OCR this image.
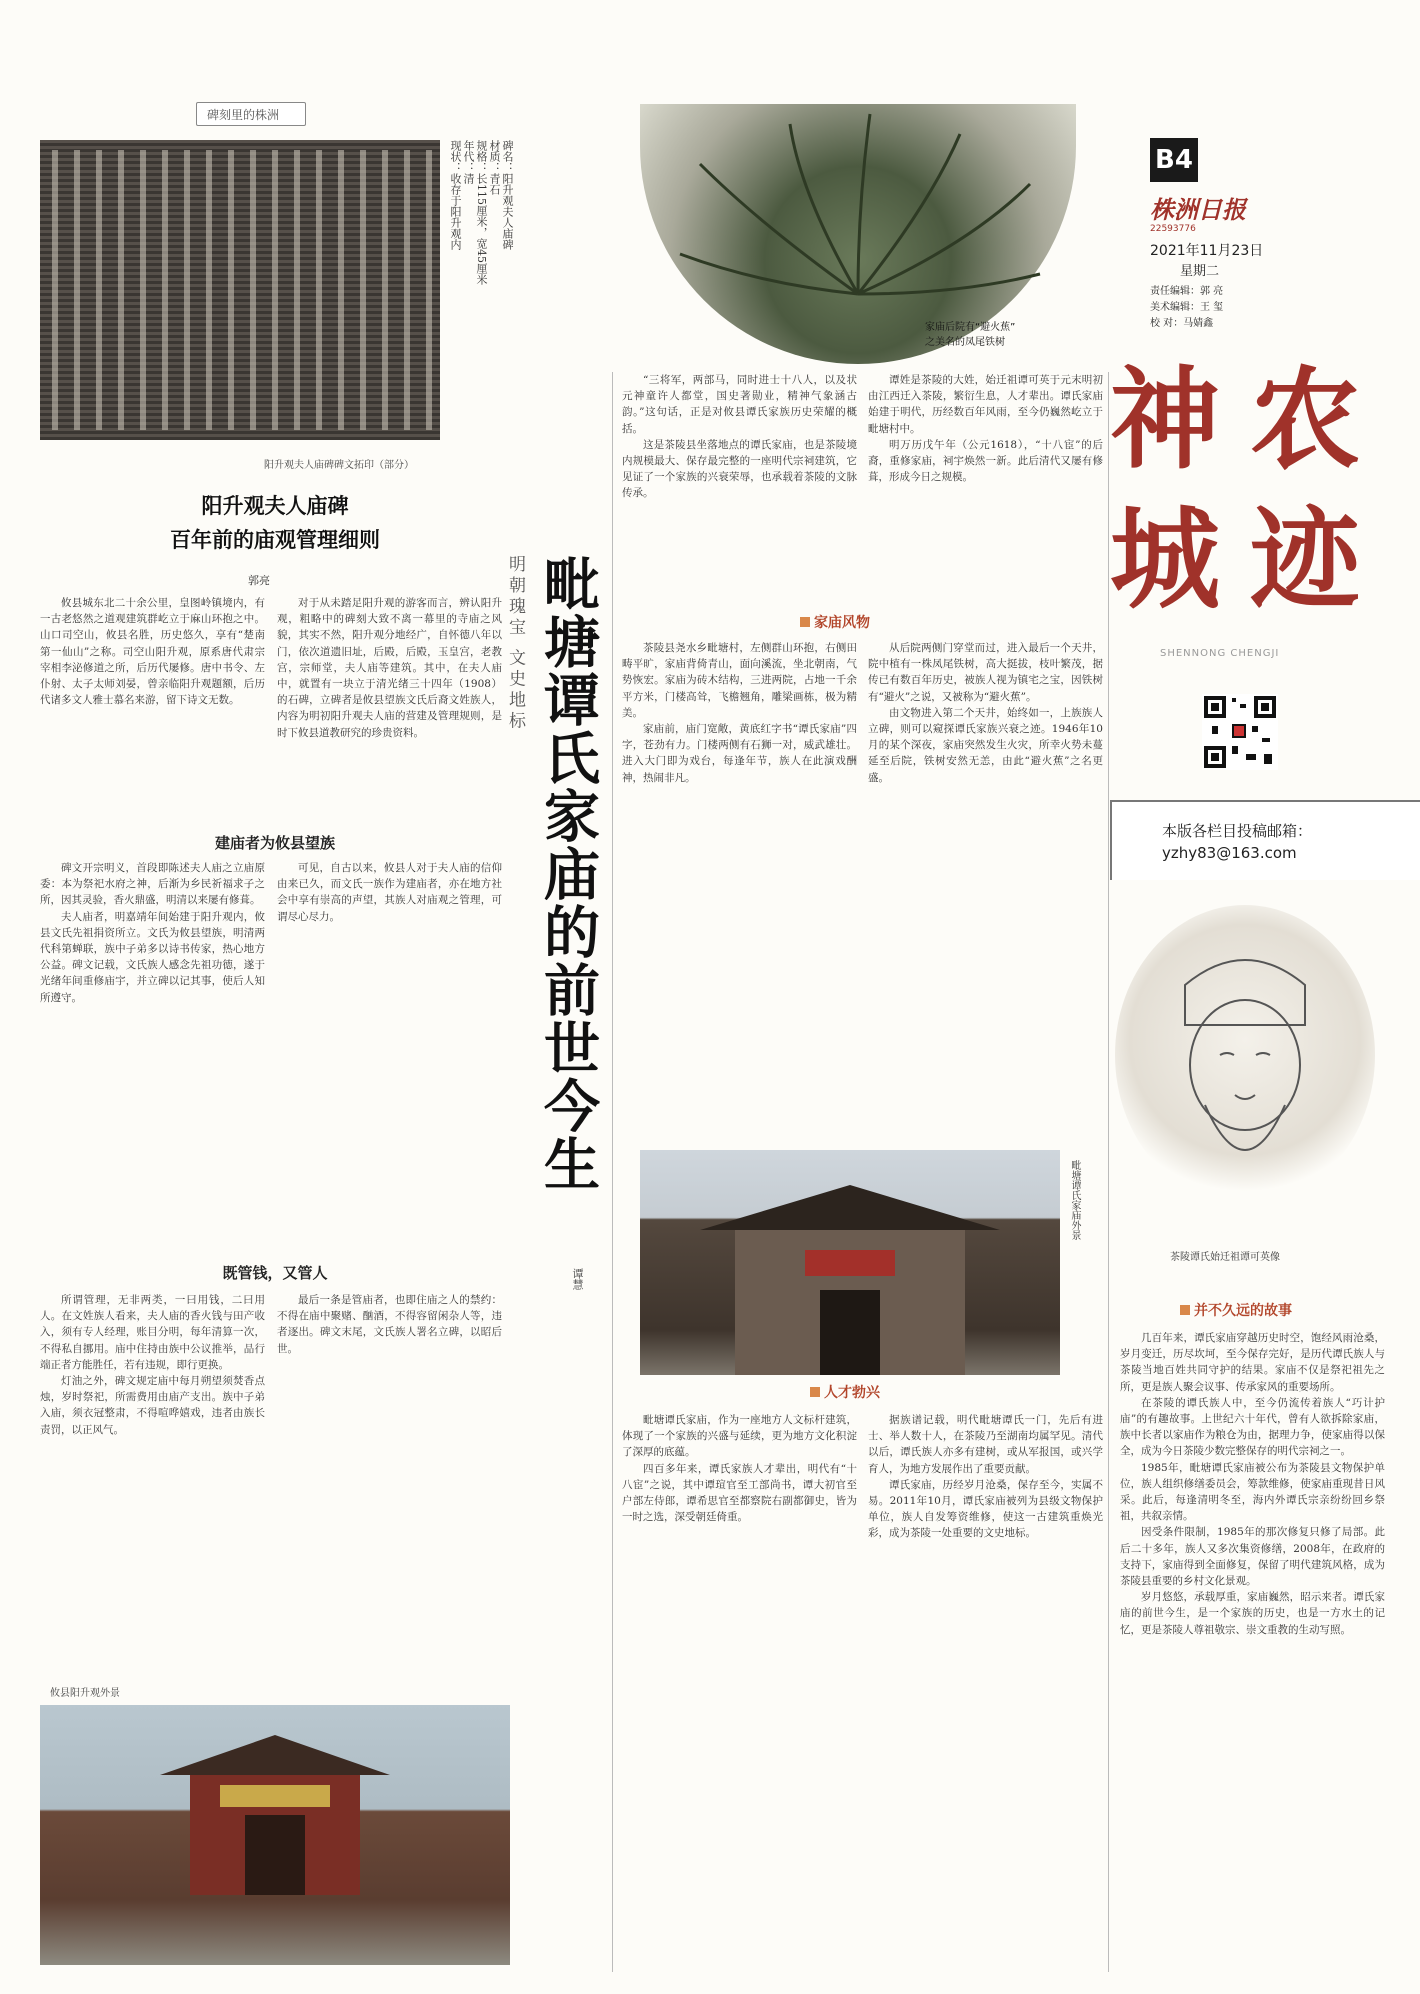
碑刻里的株洲
碑名：阳升观夫人庙碑
材质：青石
规格：长115厘米，宽45厘米
年代：清
现状：收存于阳升观内
阳升观夫人庙碑碑文拓印（部分）
阳升观夫人庙碑
百年前的庙观管理细则
郭亮

攸县城东北二十余公里，皇图岭镇境内，有一古老悠然之道观建筑群屹立于麻山环抱之中。山口司空山，攸县名胜，历史悠久，享有“楚南第一仙山”之称。司空山阳升观，原系唐代肃宗宰相李泌修道之所，后历代屡修。唐中书令、左仆射、太子太师刘晏，曾亲临阳升观题额，后历代诸多文人雅士慕名来游，留下诗文无数。

对于从未踏足阳升观的游客而言，辨认阳升观，粗略中的碑刻大致不离一幕里的寺庙之风貌，其实不然，阳升观分地经广，自怀德八年以门，依次道遗旧址，后殿，后殿，玉皇宫，老教宫，宗师堂，夫人庙等建筑。其中，在夫人庙中，就置有一块立于清光绪三十四年（1908）的石碑，立碑者是攸县望族文氏后裔文姓族人，内容为明初阳升观夫人庙的营建及管理规则，是时下攸县道教研究的珍贵资料。

建庙者为攸县望族

碑文开宗明义，首段即陈述夫人庙之立庙原委：本为祭祀水府之神，后渐为乡民祈福求子之所，因其灵验，香火鼎盛，明清以来屡有修葺。

夫人庙者，明嘉靖年间始建于阳升观内，攸县文氏先祖捐资所立。文氏为攸县望族，明清两代科第蝉联，族中子弟多以诗书传家，热心地方公益。碑文记载，文氏族人感念先祖功德，遂于光绪年间重修庙宇，并立碑以记其事，使后人知所遵守。

可见，自古以来，攸县人对于夫人庙的信仰由来已久，而文氏一族作为建庙者，亦在地方社会中享有崇高的声望，其族人对庙观之管理，可谓尽心尽力。

既管钱，又管人

所谓管理，无非两类，一曰用钱，二曰用人。在文姓族人看来，夫人庙的香火钱与田产收入，须有专人经理，账目分明，每年清算一次，不得私自挪用。庙中住持由族中公议推举，品行端正者方能胜任，若有违规，即行更换。

灯油之外，碑文规定庙中每月朔望须焚香点烛，岁时祭祀，所需费用由庙产支出。族中子弟入庙，须衣冠整肃，不得喧哗嬉戏，违者由族长责罚，以正风气。

最后一条是管庙者，也即住庙之人的禁约：不得在庙中聚赌、酗酒，不得容留闲杂人等，违者逐出。碑文末尾，文氏族人署名立碑，以昭后世。

攸县阳升观外景
明朝瑰宝 文史地标 毗塘谭氏家庙的前世今生
谭慧
家庙后院有“避火蕉”
之美名的凤尾铁树

“三将军，两部马，同时进士十八人，以及状元神童许人都堂，国史著勋业，精神气象涵古韵。”这句话，正是对攸县谭氏家族历史荣耀的概括。

这是茶陵县坐落地点的谭氏家庙，也是茶陵境内规模最大、保存最完整的一座明代宗祠建筑，它见证了一个家族的兴衰荣辱，也承载着茶陵的文脉传承。

谭姓是茶陵的大姓，始迁祖谭可英于元末明初由江西迁入茶陵，繁衍生息，人才辈出。谭氏家庙始建于明代，历经数百年风雨，至今仍巍然屹立于毗塘村中。

明万历戊午年（公元1618），“十八宦”的后裔，重修家庙，祠宇焕然一新。此后清代又屡有修葺，形成今日之规模。

家庙风物

茶陵县尧水乡毗塘村，左侧群山环抱，右侧田畴平旷，家庙背倚青山，面向溪流，坐北朝南，气势恢宏。家庙为砖木结构，三进两院，占地一千余平方米，门楼高耸，飞檐翘角，雕梁画栋，极为精美。

家庙前，庙门宽敞，黄底红字书“谭氏家庙”四字，苍劲有力。门楼两侧有石狮一对，威武雄壮。进入大门即为戏台，每逢年节，族人在此演戏酬神，热闹非凡。

从后院两侧门穿堂而过，进入最后一个天井，院中植有一株凤尾铁树，高大挺拔，枝叶繁茂，据传已有数百年历史，被族人视为镇宅之宝，因铁树有“避火”之说，又被称为“避火蕉”。

由文物进入第二个天井，始终如一，上族族人立碑，则可以窥探谭氏家族兴衰之迹。1946年10月的某个深夜，家庙突然发生火灾，所幸火势未蔓延至后院，铁树安然无恙，由此“避火蕉”之名更盛。

毗塘谭氏家庙外景
人才勃兴

毗塘谭氏家庙，作为一座地方人文标杆建筑，体现了一个家族的兴盛与延续，更为地方文化积淀了深厚的底蕴。

四百多年来，谭氏家族人才辈出，明代有“十八宦”之说，其中谭瑄官至工部尚书，谭大初官至户部左侍郎，谭希思官至都察院右副都御史，皆为一时之选，深受朝廷倚重。

据族谱记载，明代毗塘谭氏一门，先后有进士、举人数十人，在茶陵乃至湖南均属罕见。清代以后，谭氏族人亦多有建树，或从军报国，或兴学育人，为地方发展作出了重要贡献。

谭氏家庙，历经岁月沧桑，保存至今，实属不易。2011年10月，谭氏家庙被列为县级文物保护单位，族人自发筹资维修，使这一古建筑重焕光彩，成为茶陵一处重要的文史地标。

B4
株洲日报
22593776
2021年11月23日
星期二
责任编辑：郭 亮
美术编辑：王 玺
校 对：马婧鑫
神 农
城 迹
SHENNONG CHENGJI
本版各栏目投稿邮箱：
yzhy83@163.com
茶陵谭氏始迁祖谭可英像
并不久远的故事

几百年来，谭氏家庙穿越历史时空，饱经风雨沧桑，岁月变迁，历尽坎坷，至今保存完好，是历代谭氏族人与茶陵当地百姓共同守护的结果。家庙不仅是祭祀祖先之所，更是族人聚会议事、传承家风的重要场所。

在茶陵的谭氏族人中，至今仍流传着族人“巧计护庙”的有趣故事。上世纪六十年代，曾有人欲拆除家庙，族中长者以家庙作为粮仓为由，据理力争，使家庙得以保全，成为今日茶陵少数完整保存的明代宗祠之一。

1985年，毗塘谭氏家庙被公布为茶陵县文物保护单位，族人组织修缮委员会，筹款维修，使家庙重现昔日风采。此后，每逢清明冬至，海内外谭氏宗亲纷纷回乡祭祖，共叙亲情。

因受条件限制，1985年的那次修复只修了局部。此后二十多年，族人又多次集资修缮，2008年，在政府的支持下，家庙得到全面修复，保留了明代建筑风格，成为茶陵县重要的乡村文化景观。

岁月悠悠，承载厚重，家庙巍然，昭示来者。谭氏家庙的前世今生，是一个家族的历史，也是一方水土的记忆，更是茶陵人尊祖敬宗、崇文重教的生动写照。
